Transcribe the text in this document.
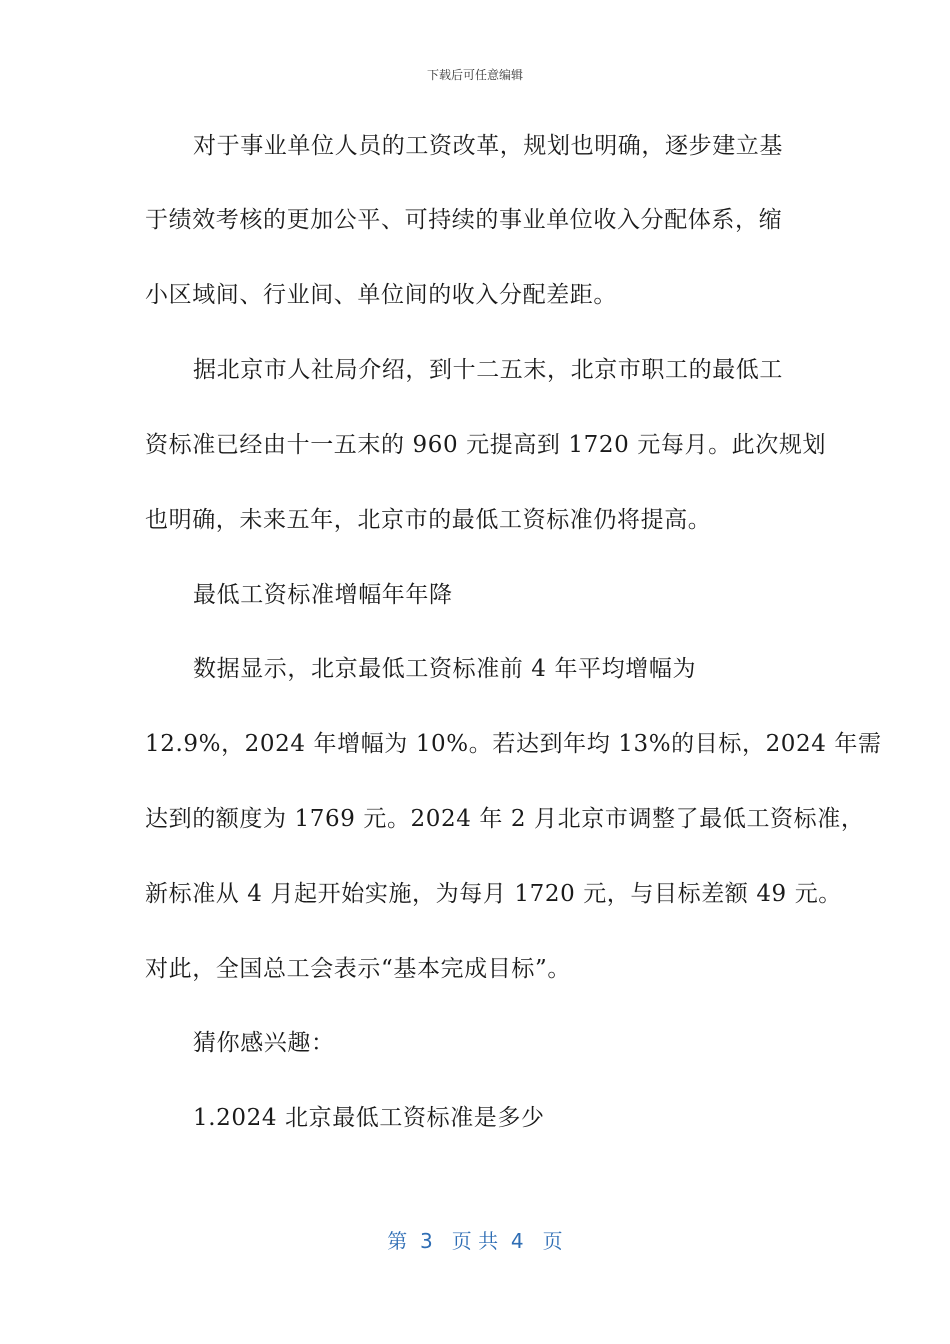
下载后可任意编辑
对于事业单位人员的工资改革，规划也明确，逐步建立基
于绩效考核的更加公平、可持续的事业单位收入分配体系，缩
小区域间、行业间、单位间的收入分配差距。
据北京市人社局介绍，到十二五末，北京市职工的最低工
资标准已经由十一五末的 960 元提高到 1720 元每月。此次规划
也明确，未来五年，北京市的最低工资标准仍将提高。
最低工资标准增幅年年降
数据显示，北京最低工资标准前 4 年平均增幅为
12.9%，2024 年增幅为 10%。若达到年均 13%的目标，2024 年需
达到的额度为 1769 元。2024 年 2 月北京市调整了最低工资标准，
新标准从 4 月起开始实施，为每月 1720 元，与目标差额 49 元。
对此，全国总工会表示“基本完成目标”。
猜你感兴趣：
1.2024 北京最低工资标准是多少
第  3   页 共  4   页
